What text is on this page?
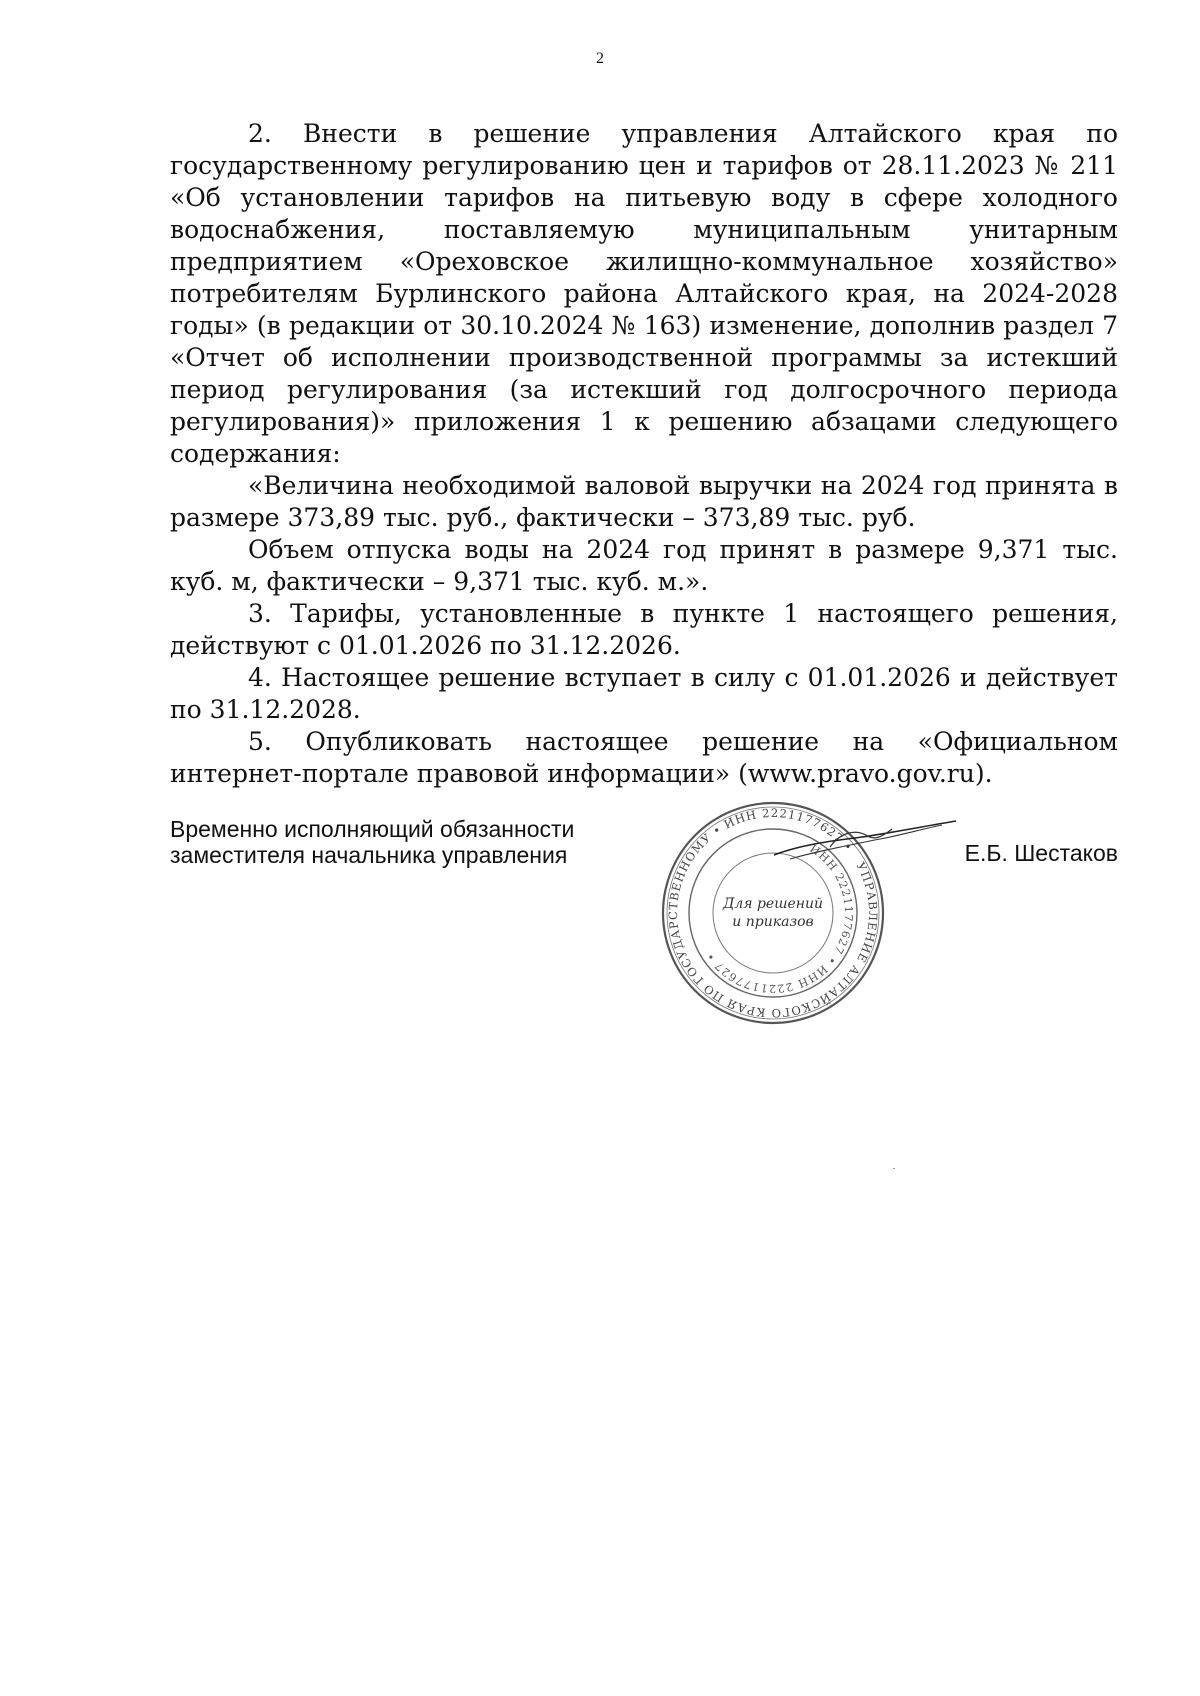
2

2. Внести в решение управления Алтайского края по государственному регулированию цен и тарифов от 28.11.2023 № 211 «Об установлении тарифов на питьевую воду в сфере холодного водоснабжения, поставляемую муниципальным унитарным предприятием «Ореховское жилищно-коммунальное хозяйство» потребителям Бурлинского района Алтайского края, на 2024-2028 годы» (в редакции от 30.10.2024 № 163) изменение, дополнив раздел 7 «Отчет об исполнении производственной программы за истекший период регулирования (за истекший год долгосрочного периода регулирования)» приложения 1 к решению абзацами следующего содержания:

«Величина необходимой валовой выручки на 2024 год принята в размере 373,89 тыс. руб., фактически – 373,89 тыс. руб.

Объем отпуска воды на 2024 год принят в размере 9,371 тыс. куб. м, фактически – 9,371 тыс. куб. м.».

3. Тарифы, установленные в пункте 1 настоящего решения, действуют с 01.01.2026 по 31.12.2026.

4. Настоящее решение вступает в силу с 01.01.2026 и действует по 31.12.2028.

5. Опубликовать настоящее решение на «Официальном интернет-портале правовой информации» (www.pravo.gov.ru).

Временно исполняющий обязанности
заместителя начальника управления	УПРАВЛЕНИЕ АЛТАЙСКОГО КРАЯ ПО ГОСУДАРСТВЕННОМУ • ИНН 2221177627 •
ИНН 2221177627 • ИНН 2221177627 •
Для решений
и приказов
Е.Б. Шестаков
